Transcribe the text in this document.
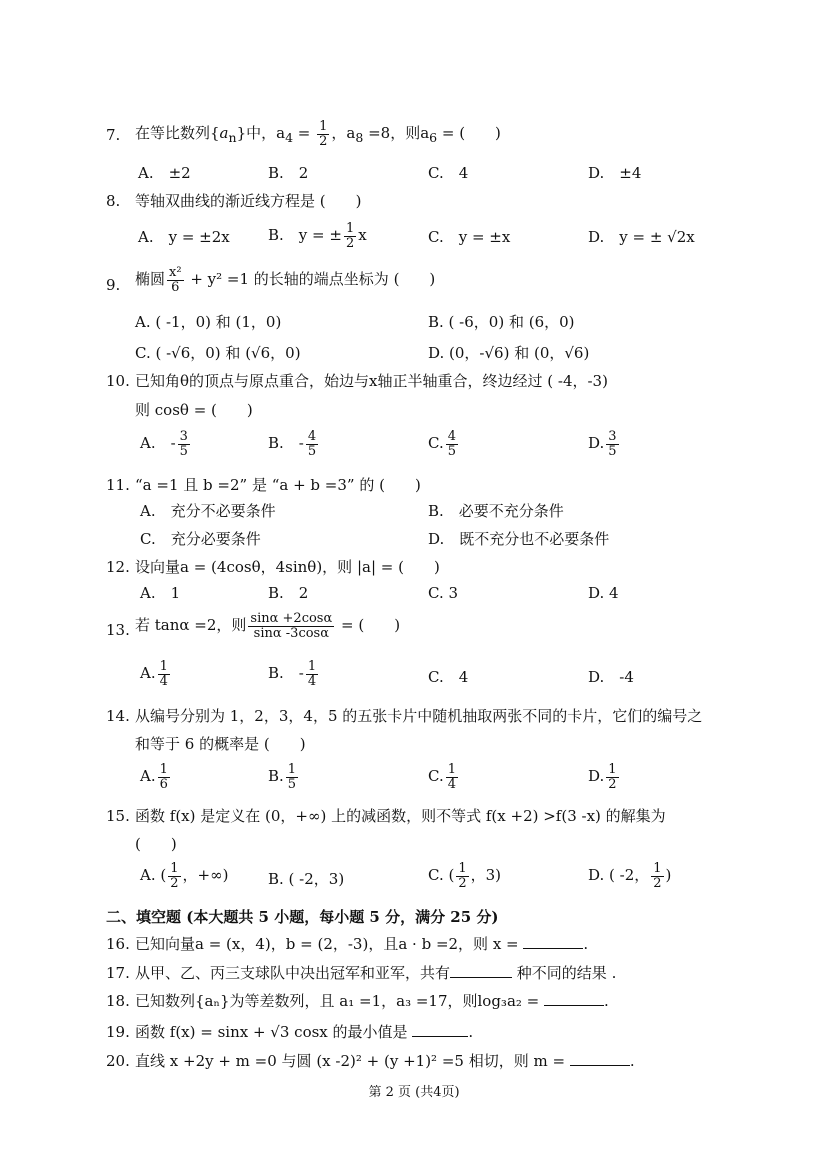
7. 在等比数列$\{a_n\}$中，$a_4 = \frac{1}{2}$ ，$a_8 =8$，则$a_6$ = (　　)
A.　±2	B.　2	C.　4	D.　±4
8. 等轴双曲线的渐近线方程是 (　　)
A.　y = ±2x	B.　y = ± $\frac{1}{2}$ x	C.　y = ±x	D.　y = ± √2x
9. 椭圆 $\frac{\text{x²}}{6} + y^2 =1$ 的长轴的端点坐标为 (　　)
A. ( -1，0) 和 (1，0)	B. ( -6，0) 和 (6，0)
C. ( -√6，0) 和 (√6，0)	D. (0，-√6) 和 (0，√6)
10. 已知角θ的顶点与原点重合，始边与x轴正半轴重合，终边经过 ( -4，-3)
则 cosθ = (　　)
A.　- $\frac{3}{5}$	B.　- $\frac{4}{5}$	C. $\frac{4}{5}$	D. $\frac{3}{5}$
11. “a =1 且 b =2” 是 “a + b =3” 的 (　　)
A.　充分不必要条件	B.　必要不充分条件
C.　充分必要条件	D.　既不充分也不必要条件
12. 设向量a = (4cosθ，4sinθ)，则 |a| = (　　)
A.　1	B.　2	C. 3	D. 4
13. 若 tanα =2，则 $\frac{\sin\alpha +2\cos\alpha}{\sin\alpha -3\cos\alpha}$ = (　　)
A. $\frac{1}{4}$	B.　- $\frac{1}{4}$	C.　4	D.　-4
14. 从编号分别为 1，2，3，4，5 的五张卡片中随机抽取两张不同的卡片，它们的编号之
和等于 6 的概率是 (　　)
A. $\frac{1}{6}$	B. $\frac{1}{5}$	C. $\frac{1}{4}$	D. $\frac{1}{2}$
15. 函数 f(x) 是定义在 (0，+∞) 上的减函数，则不等式 f(x +2) >f(3 -x) 的解集为
(　　)
A. ( $\frac{1}{2}$ ，+∞)	B. ( -2，3)	C. ( $\frac{1}{2}$ ，3)	D. ( -2， $\frac{1}{2}$ )
二、填空题 (本大题共 5 小题，每小题 5 分，满分 25 分)
16. 已知向量a = (x，4)，b = (2，-3)，且a · b =2，则 x =	.
17. 从甲、乙、丙三支球队中决出冠军和亚军，共有	种不同的结果 .
18. 已知数列{aₙ}为等差数列，且 a₁ =1，a₃ =17，则log₃a₂ =	.
19. 函数 f(x) = sinx + √3 cosx 的最小值是	.
20. 直线 x +2y + m =0 与圆 (x -2)² + (y +1)² =5 相切，则 m =	.
第 2 页 (共4页)
